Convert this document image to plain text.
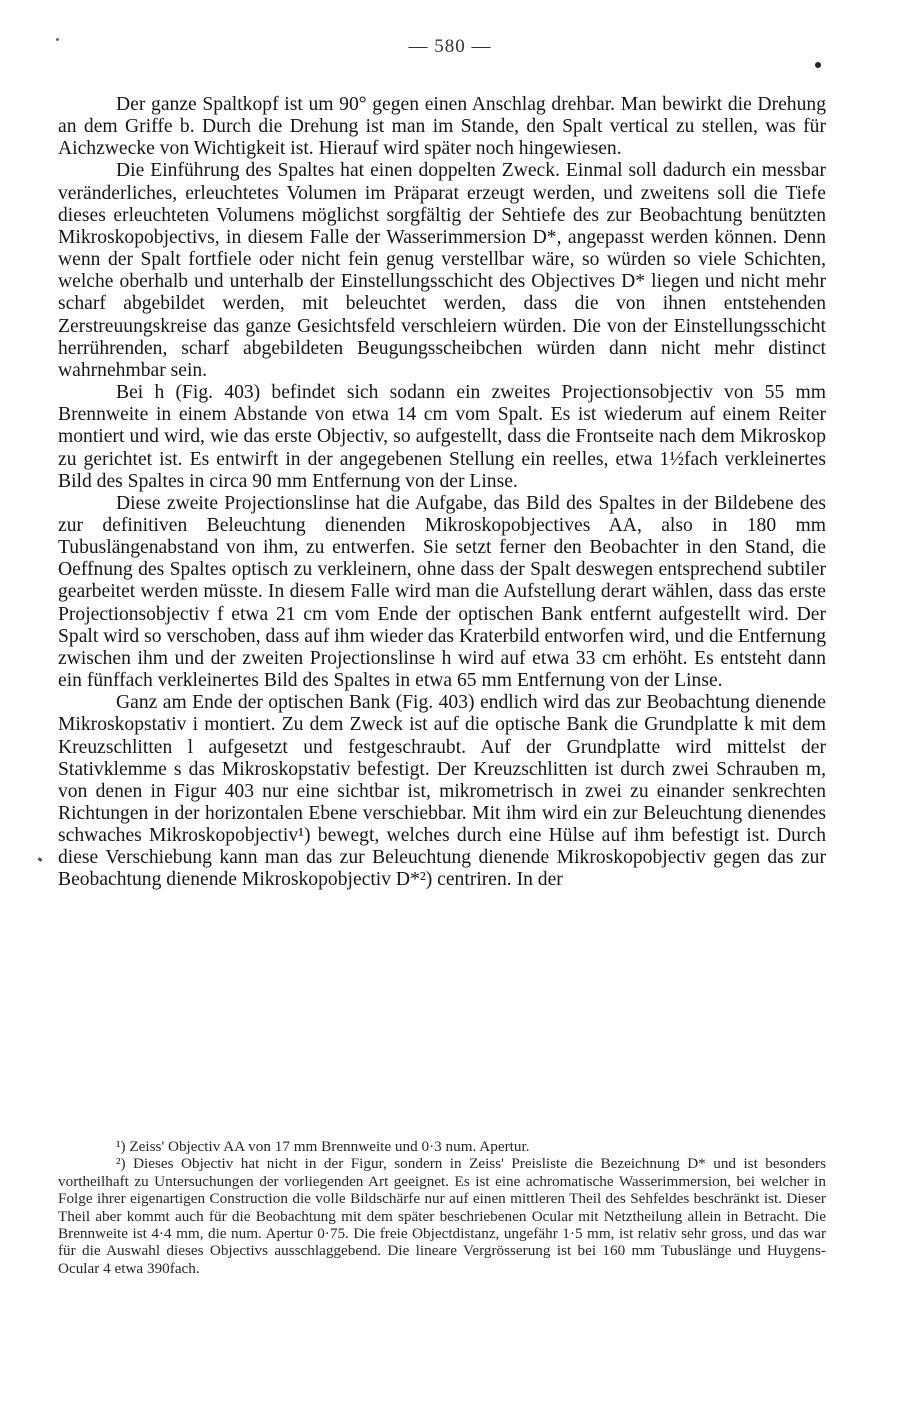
— 580 —

Der ganze Spaltkopf ist um 90° gegen einen Anschlag drehbar. Man bewirkt die Drehung an dem Griffe b. Durch die Drehung ist man im Stande, den Spalt vertical zu stellen, was für Aichzwecke von Wichtigkeit ist. Hierauf wird später noch hingewiesen.

Die Einführung des Spaltes hat einen doppelten Zweck. Einmal soll dadurch ein messbar veränderliches, erleuchtetes Volumen im Präparat erzeugt werden, und zweitens soll die Tiefe dieses erleuchteten Volumens möglichst sorgfältig der Sehtiefe des zur Beobachtung benützten Mikroskopobjectivs, in diesem Falle der Wasserimmersion D*, angepasst werden können. Denn wenn der Spalt fortfiele oder nicht fein genug verstellbar wäre, so würden so viele Schichten, welche oberhalb und unterhalb der Einstellungsschicht des Objectives D* liegen und nicht mehr scharf abgebildet werden, mit beleuchtet werden, dass die von ihnen entstehenden Zerstreuungskreise das ganze Gesichtsfeld verschleiern würden. Die von der Einstellungsschicht herrührenden, scharf abgebildeten Beugungsscheibchen würden dann nicht mehr distinct wahrnehmbar sein.

Bei h (Fig. 403) befindet sich sodann ein zweites Projectionsobjectiv von 55 mm Brennweite in einem Abstande von etwa 14 cm vom Spalt. Es ist wiederum auf einem Reiter montiert und wird, wie das erste Objectiv, so aufgestellt, dass die Frontseite nach dem Mikroskop zu gerichtet ist. Es entwirft in der angegebenen Stellung ein reelles, etwa 1½fach verkleinertes Bild des Spaltes in circa 90 mm Entfernung von der Linse.

Diese zweite Projectionslinse hat die Aufgabe, das Bild des Spaltes in der Bildebene des zur definitiven Beleuchtung dienenden Mikroskopobjectives AA, also in 180 mm Tubuslängenabstand von ihm, zu entwerfen. Sie setzt ferner den Beobachter in den Stand, die Oeffnung des Spaltes optisch zu verkleinern, ohne dass der Spalt deswegen entsprechend subtiler gearbeitet werden müsste. In diesem Falle wird man die Aufstellung derart wählen, dass das erste Projectionsobjectiv f etwa 21 cm vom Ende der optischen Bank entfernt aufgestellt wird. Der Spalt wird so verschoben, dass auf ihm wieder das Kraterbild entworfen wird, und die Entfernung zwischen ihm und der zweiten Projectionslinse h wird auf etwa 33 cm erhöht. Es entsteht dann ein fünffach verkleinertes Bild des Spaltes in etwa 65 mm Entfernung von der Linse.

Ganz am Ende der optischen Bank (Fig. 403) endlich wird das zur Beobachtung dienende Mikroskopstativ i montiert. Zu dem Zweck ist auf die optische Bank die Grundplatte k mit dem Kreuzschlitten l aufgesetzt und festgeschraubt. Auf der Grundplatte wird mittelst der Stativklemme s das Mikroskopstativ befestigt. Der Kreuzschlitten ist durch zwei Schrauben m, von denen in Figur 403 nur eine sichtbar ist, mikrometrisch in zwei zu einander senkrechten Richtungen in der horizontalen Ebene verschiebbar. Mit ihm wird ein zur Beleuchtung dienendes schwaches Mikroskopobjectiv¹) bewegt, welches durch eine Hülse auf ihm befestigt ist. Durch diese Verschiebung kann man das zur Beleuchtung dienende Mikroskopobjectiv gegen das zur Beobachtung dienende Mikroskopobjectiv D*²) centriren. In der

¹) Zeiss' Objectiv AA von 17 mm Brennweite und 0·3 num. Apertur.

²) Dieses Objectiv hat nicht in der Figur, sondern in Zeiss' Preisliste die Bezeichnung D* und ist besonders vortheilhaft zu Untersuchungen der vorliegenden Art geeignet. Es ist eine achromatische Wasserimmersion, bei welcher in Folge ihrer eigenartigen Construction die volle Bildschärfe nur auf einen mittleren Theil des Sehfeldes beschränkt ist. Dieser Theil aber kommt auch für die Beobachtung mit dem später beschriebenen Ocular mit Netztheilung allein in Betracht. Die Brennweite ist 4·4 mm, die num. Apertur 0·75. Die freie Objectdistanz, ungefähr 1·5 mm, ist relativ sehr gross, und das war für die Auswahl dieses Objectivs ausschlaggebend. Die lineare Vergrösserung ist bei 160 mm Tubuslänge und Huygens-Ocular 4 etwa 390fach.
